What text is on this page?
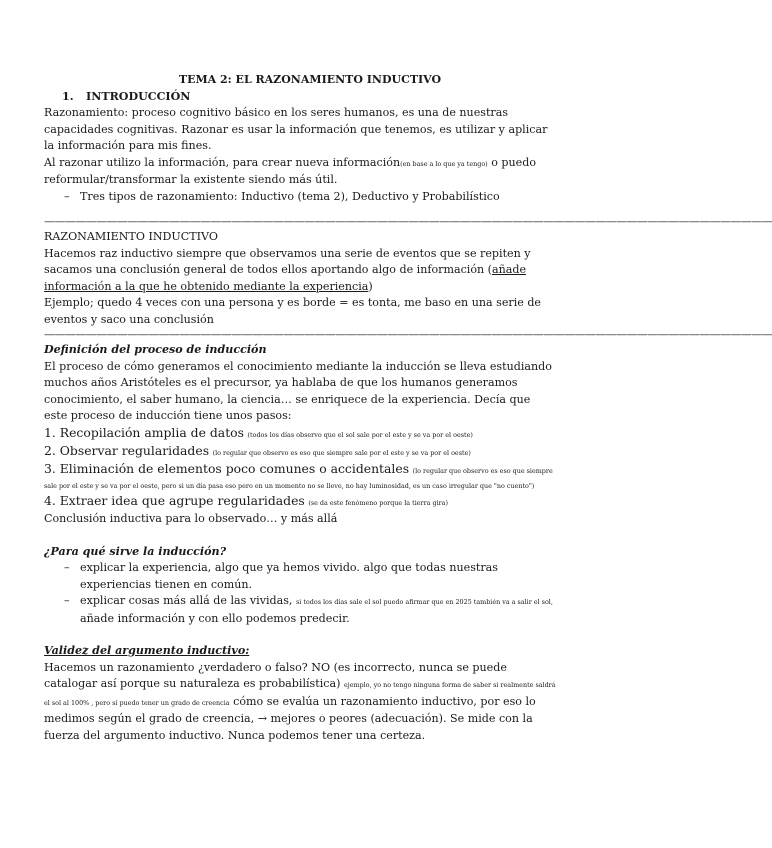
TEMA 2: EL RAZONAMIENTO INDUCTIVO

1. INTRODUCCIÓN

Razonamiento: proceso cognitivo básico en los seres humanos, es una de nuestras capacidades cognitivas. Razonar es usar la información que tenemos, es utilizar y aplicar la información para mis fines.

Al razonar utilizo la información, para crear nueva información(en base a lo que ya tengo) o puedo reformular/transformar la existente siendo más útil.

– Tres tipos de razonamiento: Inductivo (tema 2), Deductivo y Probabilístico

——————————————————————————————————————————————————————————————————————

RAZONAMIENTO INDUCTIVO

Hacemos raz inductivo siempre que observamos una serie de eventos que se repiten y sacamos una conclusión general de todos ellos aportando algo de información (añade información a la que he obtenido mediante la experiencia)

Ejemplo; quedo 4 veces con una persona y es borde = es tonta, me baso en una serie de eventos y saco una conclusión

——————————————————————————————————————————————————————————————————————

Definición del proceso de inducción

El proceso de cómo generamos el conocimiento mediante la inducción se lleva estudiando muchos años Aristóteles es el precursor, ya hablaba de que los humanos generamos conocimiento, el saber humano, la ciencia… se enriquece de la experiencia. Decía que este proceso de inducción tiene unos pasos:

1. Recopilación amplia de datos (todos los días observo que el sol sale por el este y se va por el oeste)

2. Observar regularidades (lo regular que observo es eso que siempre sale por el este y se va por el oeste)

3. Eliminación de elementos poco comunes o accidentales (lo regular que observo es eso que siempre sale por el este y se va por el oeste, pero si un día pasa eso pero en un momento no se lleve, no hay luminosidad, es un caso irregular que "no cuento")

4. Extraer idea que agrupe regularidades (se da este fenómeno porque la tierra gira)

Conclusión inductiva para lo observado… y más allá

¿Para qué sirve la inducción?

– explicar la experiencia, algo que ya hemos vivido. algo que todas nuestras experiencias tienen en común.

– explicar cosas más allá de las vividas, si todos los días sale el sol puedo afirmar que en 2025 también va a salir el sol, añade información y con ello podemos predecir.

Validez del argumento inductivo:

Hacemos un razonamiento ¿verdadero o falso? NO (es incorrecto, nunca se puede catalogar así porque su naturaleza es probabilística) ejemplo, yo no tengo ninguna forma de saber si realmente saldrá el sol al 100% , pero sí puedo tener un grado de creencia cómo se evalúa un razonamiento inductivo, por eso lo medimos según el grado de creencia, → mejores o peores (adecuación). Se mide con la fuerza del argumento inductivo. Nunca podemos tener una certeza.
